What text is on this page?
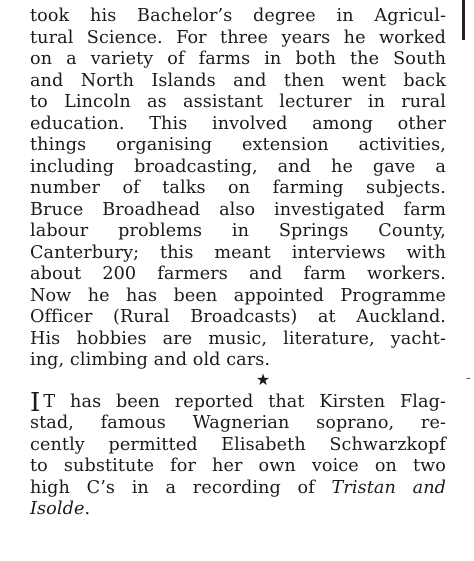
took his Bachelor’s degree in Agricul-
tural Science. For three years he worked
on a variety of farms in both the South
and North Islands and then went back
to Lincoln as assistant lecturer in rural
education. This involved among other
things organising extension activities,
including broadcasting, and he gave a
number of talks on farming subjects.
Bruce Broadhead also investigated farm
labour problems in Springs County,
Canterbury; this meant interviews with
about 200 farmers and farm workers.
Now he has been appointed Programme
Officer (Rural Broadcasts) at Auckland.
His hobbies are music, literature, yacht-
ing, climbing and old cars.
★
I T has been reported that Kirsten Flag-
stad, famous Wagnerian soprano, re-
cently permitted Elisabeth Schwarzkopf
to substitute for her own voice on two
high C’s in a recording of Tristan and
Isolde.
-
